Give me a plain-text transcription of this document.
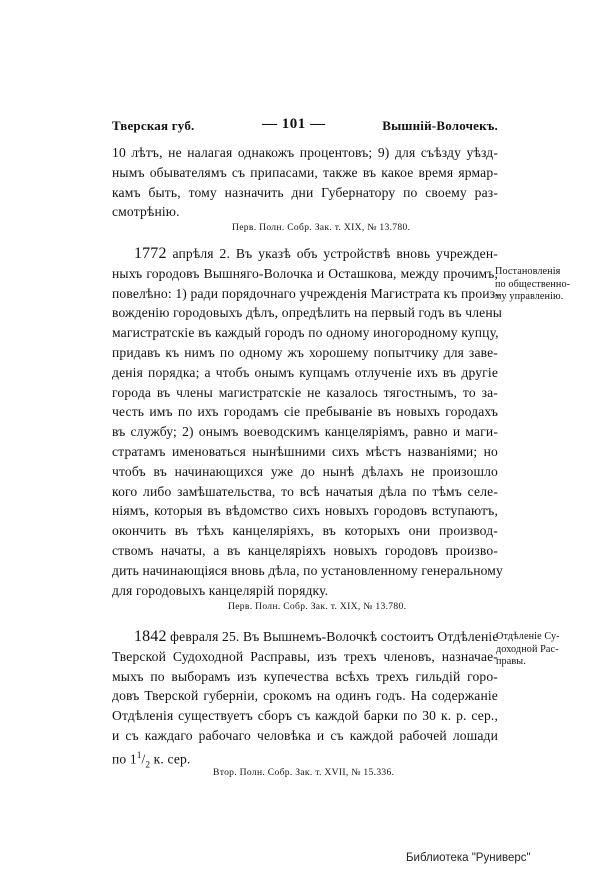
Тверская губ.	— 101 —	Вышнiй-Волочекъ.
10 лѣтъ, не налагая однакожъ процентовъ; 9) для съѣзду уѣзд-
нымъ обывателямъ съ припасами, также въ какое время ярмар-
камъ быть, тому назначить дни Губернатору по своему раз-
смотрѣнiю.
Перв. Полн. Собр. Зак. т. XIX, № 13.780.
1772 апрѣля 2. Въ указѣ объ устройствѣ вновь учрежден-
ныхъ городовъ Вышняго-Волочка и Осташкова, между прочимъ,
повелѣно: 1) ради порядочнаго учрежденiя Магистрата къ произ-
вожденiю городовыхъ дѣлъ, опредѣлить на первый годъ въ члены
магистратскiе въ каждый городъ по одному иногородному купцу,
придавъ къ нимъ по одному жъ хорошему попытчику для заве-
денiя порядка; а чтобъ онымъ купцамъ отлученiе ихъ въ другiе
города въ члены магистратскiе не казалось тягостнымъ, то за-
честь имъ по ихъ городамъ сiе пребыванiе въ новыхъ городахъ
въ службу; 2) онымъ воеводскимъ канцеляріямъ, равно и маги-
стратамъ именоваться нынѣшними сихъ мѣстъ названiями; но
чтобъ въ начинающихся уже до нынѣ дѣлахъ не произошло
кого либо замѣшательства, то всѣ начатыя дѣла по тѣмъ селе-
нiямъ, которыя въ вѣдомство сихъ новыхъ городовъ вступаютъ,
окончить въ тѣхъ канцеляріяхъ, въ которыхъ они производ-
ствомъ начаты, а въ канцеляріяхъ новыхъ городовъ произво-
дить начинающiяся вновь дѣла, по установленному генеральному
для городовыхъ канцелярiй порядку.
Постановленiя
по общественно-
му управленiю.
Перв. Полн. Собр. Зак. т. XIX, № 13.780.
1842 февраля 25. Въ Вышнемъ-Волочкѣ состоитъ Отдѣленiе
Тверской Судоходной Расправы, изъ трехъ членовъ, назначае-
мыхъ по выборамъ изъ купечества всѣхъ трехъ гильдiй горо-
довъ Тверской губернiи, срокомъ на одинъ годъ. На содержанiе
Отдѣленiя существуетъ сборъ съ каждой барки по 30 к. р. сер.,
и съ каждаго рабочаго человѣка и съ каждой рабочей лошади
по $1^1/_2$ к. сер.
Отдѣленiе Су-
доходной Рас-
правы.
Втор. Полн. Собр. Зак. т. XVII, № 15.336.
Библиотека "Руниверс"
